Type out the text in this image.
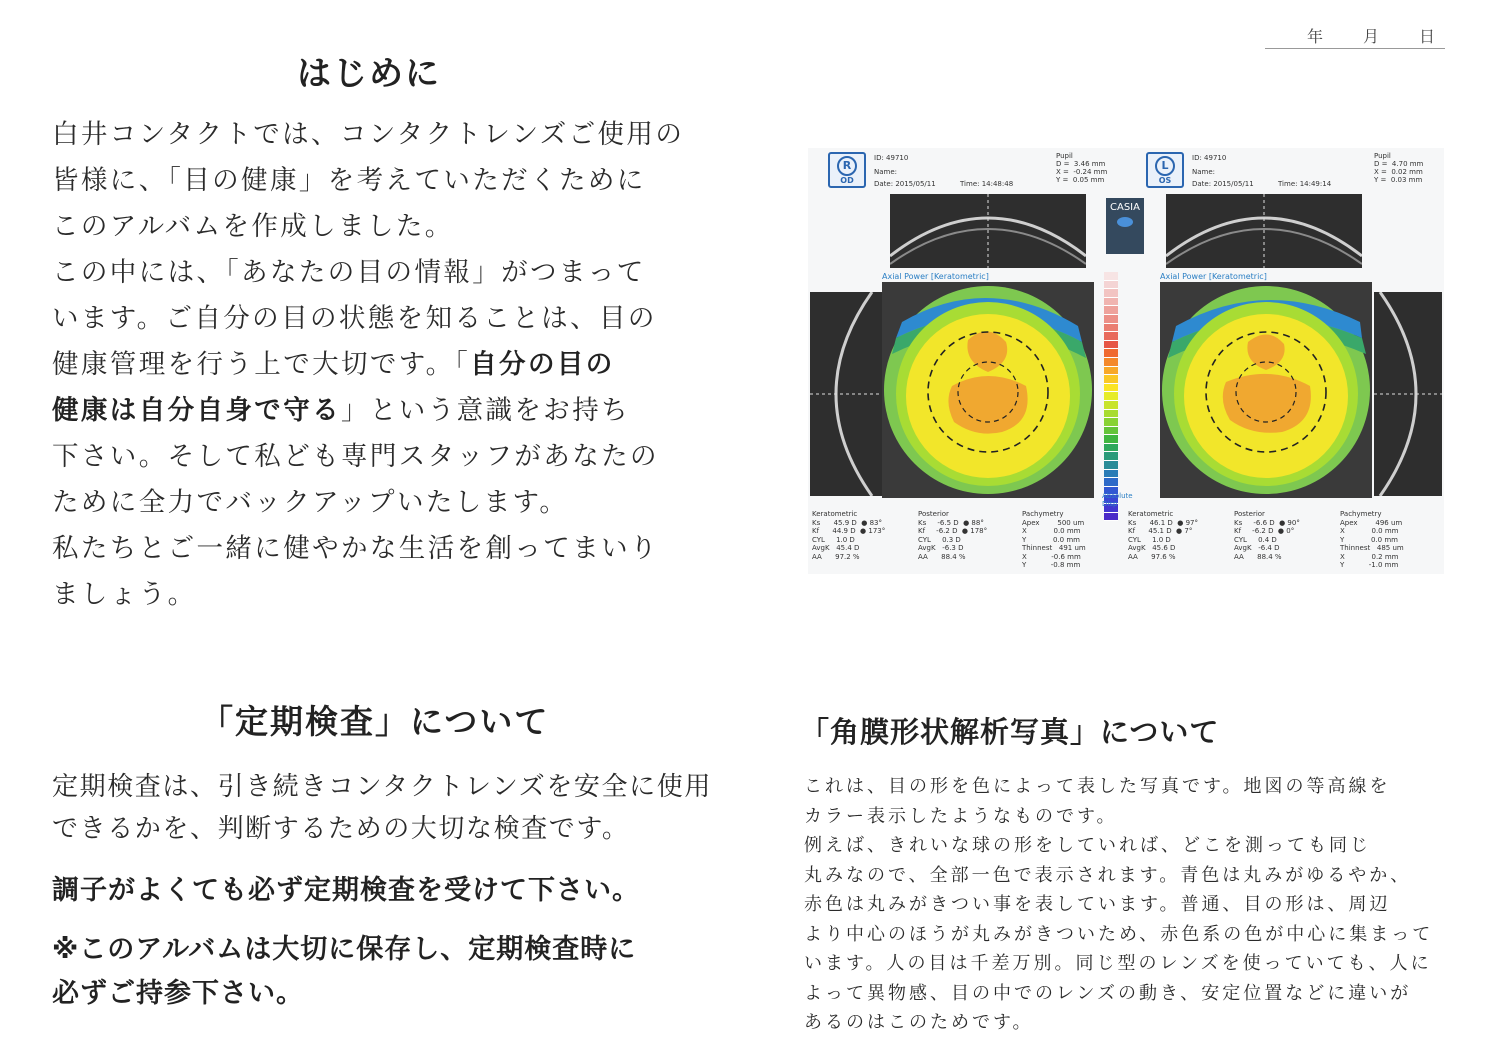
年 月 日
はじめに
白井コンタクトでは、コンタクトレンズご使用の
皆様に、「目の健康」を考えていただくために
このアルバムを作成しました。
この中には、「あなたの目の情報」がつまって
います。ご自分の目の状態を知ることは、目の
健康管理を行う上で大切です。「自分の目の
健康は自分自身で守る」という意識をお持ち
下さい。そして私ども専門スタッフがあなたの
ために全力でバックアップいたします。
私たちとご一緒に健やかな生活を創ってまいり
ましょう。
「定期検査」について
定期検査は、引き続きコンタクトレンズを安全に使用
できるかを、判断するための大切な検査です。
調子がよくても必ず定期検査を受けて下さい。
※このアルバムは大切に保存し、定期検査時に
必ずご持参下さい。
「角膜形状解析写真」について
これは、目の形を色によって表した写真です。地図の等高線を
カラー表示したようなものです。
例えば、きれいな球の形をしていれば、どこを測っても同じ
丸みなので、全部一色で表示されます。青色は丸みがゆるやか、
赤色は丸みがきつい事を表しています。普通、目の形は、周辺
より中心のほうが丸みがきついため、赤色系の色が中心に集まって
います。人の目は千差万別。同じ型のレンズを使っていても、人に
よって異物感、目の中でのレンズの動き、安定位置などに違いが
あるのはこのためです。
R
OD
ID: 49710
Name:
Date: 2015/05/11	Time: 14:48:48
Pupil
D =  3.46 mm
X =  -0.24 mm
Y =  0.05 mm
L
OS
ID: 49710
Name:
Date: 2015/05/11	Time: 14:49:14
Pupil
D =  4.70 mm
X =  0.02 mm
Y =  0.03 mm
CASIA
Axial Power [Keratometric]	Axial Power [Keratometric]
Absolute
Disp
Keratometric
Ks      45.9 D  ● 83°
Kf      44.9 D  ● 173°
CYL     1.0 D
AvgK   45.4 D
AA      97.2 %
Posterior
Ks     -6.5 D  ● 88°
Kf     -6.2 D  ● 178°
CYL     0.3 D
AvgK   -6.3 D
AA      88.4 %
Pachymetry
Apex        500 um
X            0.0 mm
Y            0.0 mm
Thinnest   491 um
X           -0.6 mm
Y           -0.8 mm
Keratometric
Ks      46.1 D  ● 97°
Kf      45.1 D  ● 7°
CYL     1.0 D
AvgK   45.6 D
AA      97.6 %
Posterior
Ks     -6.6 D  ● 90°
Kf     -6.2 D  ● 0°
CYL     0.4 D
AvgK   -6.4 D
AA      88.4 %
Pachymetry
Apex        496 um
X            0.0 mm
Y            0.0 mm
Thinnest   485 um
X            0.2 mm
Y           -1.0 mm
